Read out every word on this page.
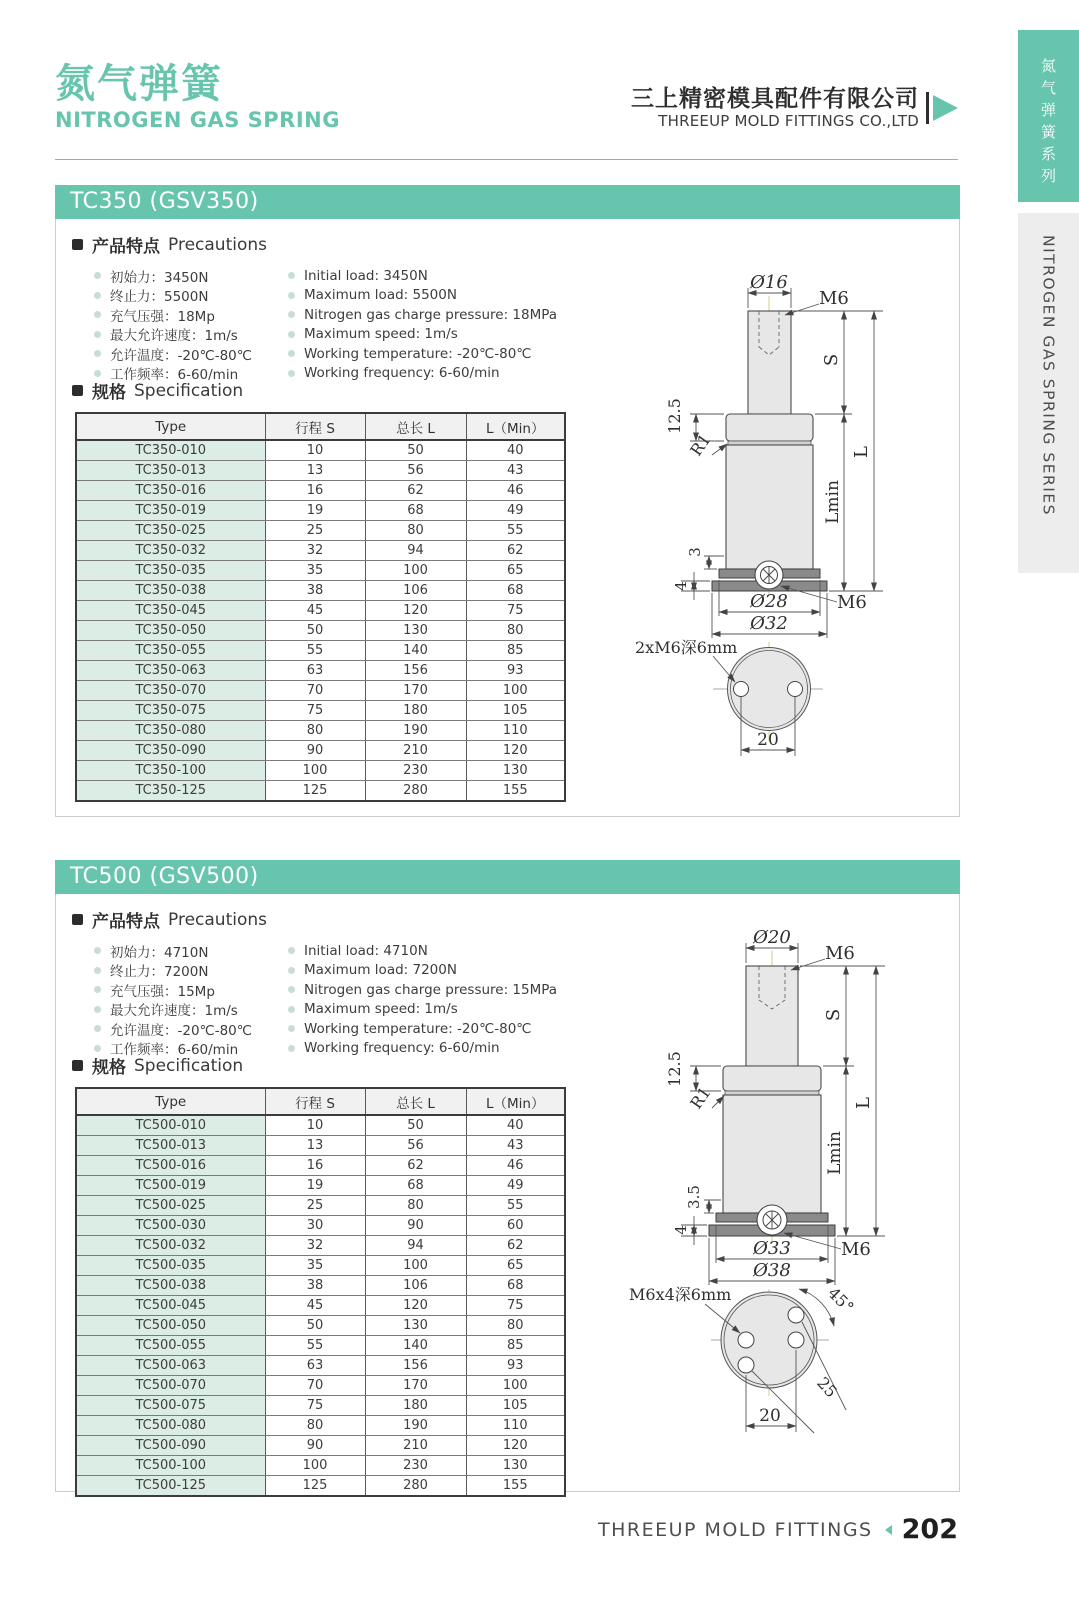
氮气弹簧系列
NITROGEN GAS SPRING SERIES
氮气弹簧
NITROGEN GAS SPRING
三上精密模具配件有限公司
THREEUP MOLD FITTINGS CO.,LTD
TC350 (GSV350)
产品特点 Precautions
初始力：3450N
终止力：5500N
充气压强：18Mp
最大允许速度：1m/s
允许温度：-20℃-80℃
工作频率：6-60/min
Initial load: 3450N
Maximum load: 5500N
Nitrogen gas charge pressure: 18MPa
Maximum speed: 1m/s
Working temperature: -20℃-80℃
Working frequency: 6-60/min
规格 Specification
Type	行程 S	总长 L	L（Min）
TC350-010	10	50	40
TC350-013	13	56	43
TC350-016	16	62	46
TC350-019	19	68	49
TC350-025	25	80	55
TC350-032	32	94	62
TC350-035	35	100	65
TC350-038	38	106	68
TC350-045	45	120	75
TC350-050	50	130	80
TC350-055	55	140	85
TC350-063	63	156	93
TC350-070	70	170	100
TC350-075	75	180	105
TC350-080	80	190	110
TC350-090	90	210	120
TC350-100	100	230	130
TC350-125	125	280	155
Ø16
M6
S
Lmin
L
12.5
R1
3
4
Ø28
Ø32
M6
2xM6深6mm
20
TC500 (GSV500)
产品特点 Precautions
初始力：4710N
终止力：7200N
充气压强：15Mp
最大允许速度：1m/s
允许温度：-20℃-80℃
工作频率：6-60/min
Initial load: 4710N
Maximum load: 7200N
Nitrogen gas charge pressure: 15MPa
Maximum speed: 1m/s
Working temperature: -20℃-80℃
Working frequency: 6-60/min
规格 Specification
Type	行程 S	总长 L	L（Min）
TC500-010	10	50	40
TC500-013	13	56	43
TC500-016	16	62	46
TC500-019	19	68	49
TC500-025	25	80	55
TC500-030	30	90	60
TC500-032	32	94	62
TC500-035	35	100	65
TC500-038	38	106	68
TC500-045	45	120	75
TC500-050	50	130	80
TC500-055	55	140	85
TC500-063	63	156	93
TC500-070	70	170	100
TC500-075	75	180	105
TC500-080	80	190	110
TC500-090	90	210	120
TC500-100	100	230	130
TC500-125	125	280	155
Ø20
M6
S
Lmin
L
12.5
R1
3.5
4
Ø33
Ø38
M6
M6x4深6mm	45°
25
20
THREEUP MOLD FITTINGS 202
